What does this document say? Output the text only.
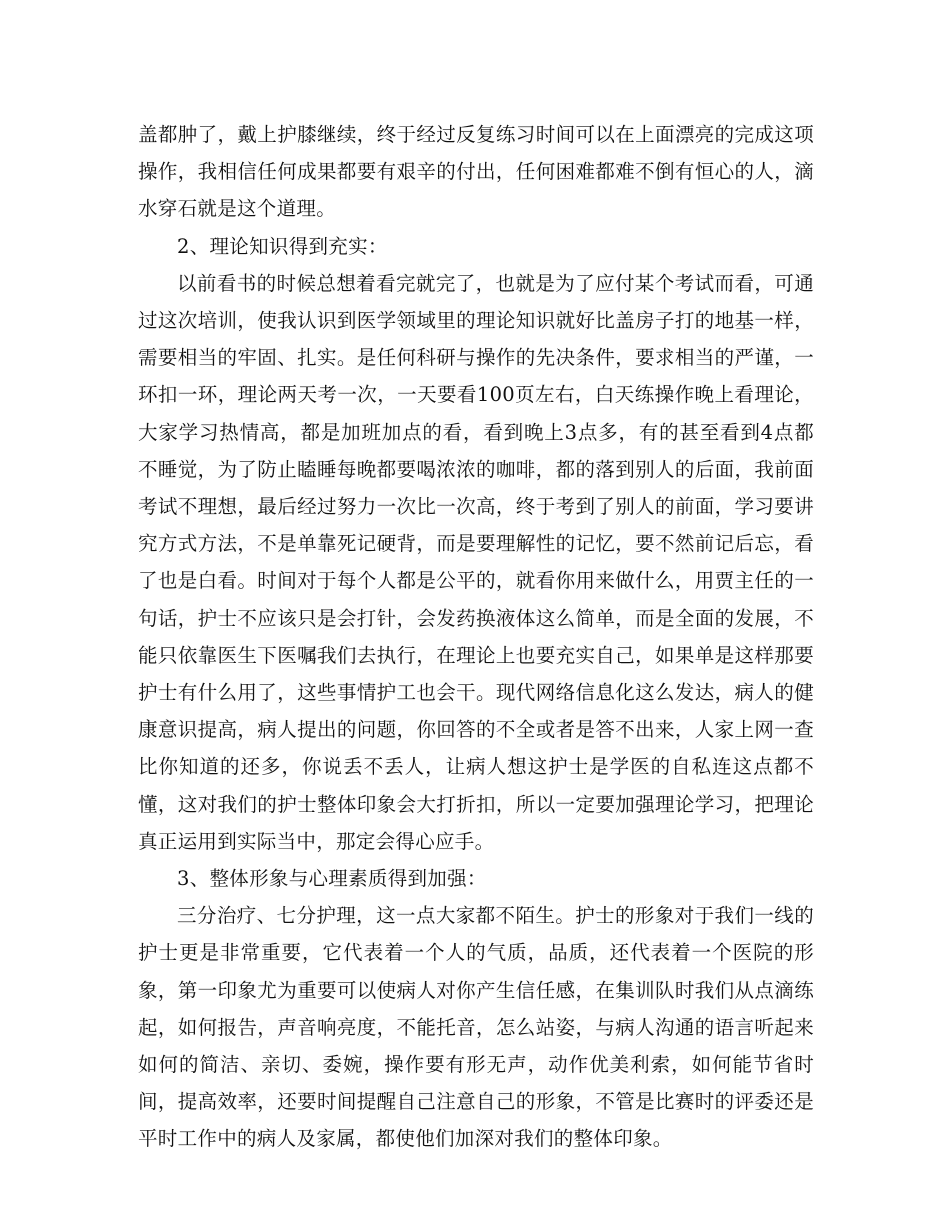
盖都肿了，戴上护膝继续，终于经过反复练习时间可以在上面漂亮的完成这项操作，我相信任何成果都要有艰辛的付出，任何困难都难不倒有恒心的人，滴水穿石就是这个道理。

2、理论知识得到充实：

以前看书的时候总想着看完就完了，也就是为了应付某个考试而看，可通过这次培训，使我认识到医学领域里的理论知识就好比盖房子打的地基一样，需要相当的牢固、扎实。是任何科研与操作的先决条件，要求相当的严谨，一环扣一环，理论两天考一次，一天要看100页左右，白天练操作晚上看理论，大家学习热情高，都是加班加点的看，看到晚上3点多，有的甚至看到4点都不睡觉，为了防止瞌睡每晚都要喝浓浓的咖啡，都的落到别人的后面，我前面考试不理想，最后经过努力一次比一次高，终于考到了别人的前面，学习要讲究方式方法，不是单靠死记硬背，而是要理解性的记忆，要不然前记后忘，看了也是白看。时间对于每个人都是公平的，就看你用来做什么，用贾主任的一句话，护士不应该只是会打针，会发药换液体这么简单，而是全面的发展，不能只依靠医生下医嘱我们去执行，在理论上也要充实自己，如果单是这样那要护士有什么用了，这些事情护工也会干。现代网络信息化这么发达，病人的健康意识提高，病人提出的问题，你回答的不全或者是答不出来，人家上网一查比你知道的还多，你说丢不丢人，让病人想这护士是学医的自私连这点都不懂，这对我们的护士整体印象会大打折扣，所以一定要加强理论学习，把理论真正运用到实际当中，那定会得心应手。

3、整体形象与心理素质得到加强：

三分治疗、七分护理，这一点大家都不陌生。护士的形象对于我们一线的护士更是非常重要，它代表着一个人的气质，品质，还代表着一个医院的形象，第一印象尤为重要可以使病人对你产生信任感，在集训队时我们从点滴练起，如何报告，声音响亮度，不能托音，怎么站姿，与病人沟通的语言听起来如何的简洁、亲切、委婉，操作要有形无声，动作优美利索，如何能节省时间，提高效率，还要时间提醒自己注意自己的形象，不管是比赛时的评委还是平时工作中的病人及家属，都使他们加深对我们的整体印象。
